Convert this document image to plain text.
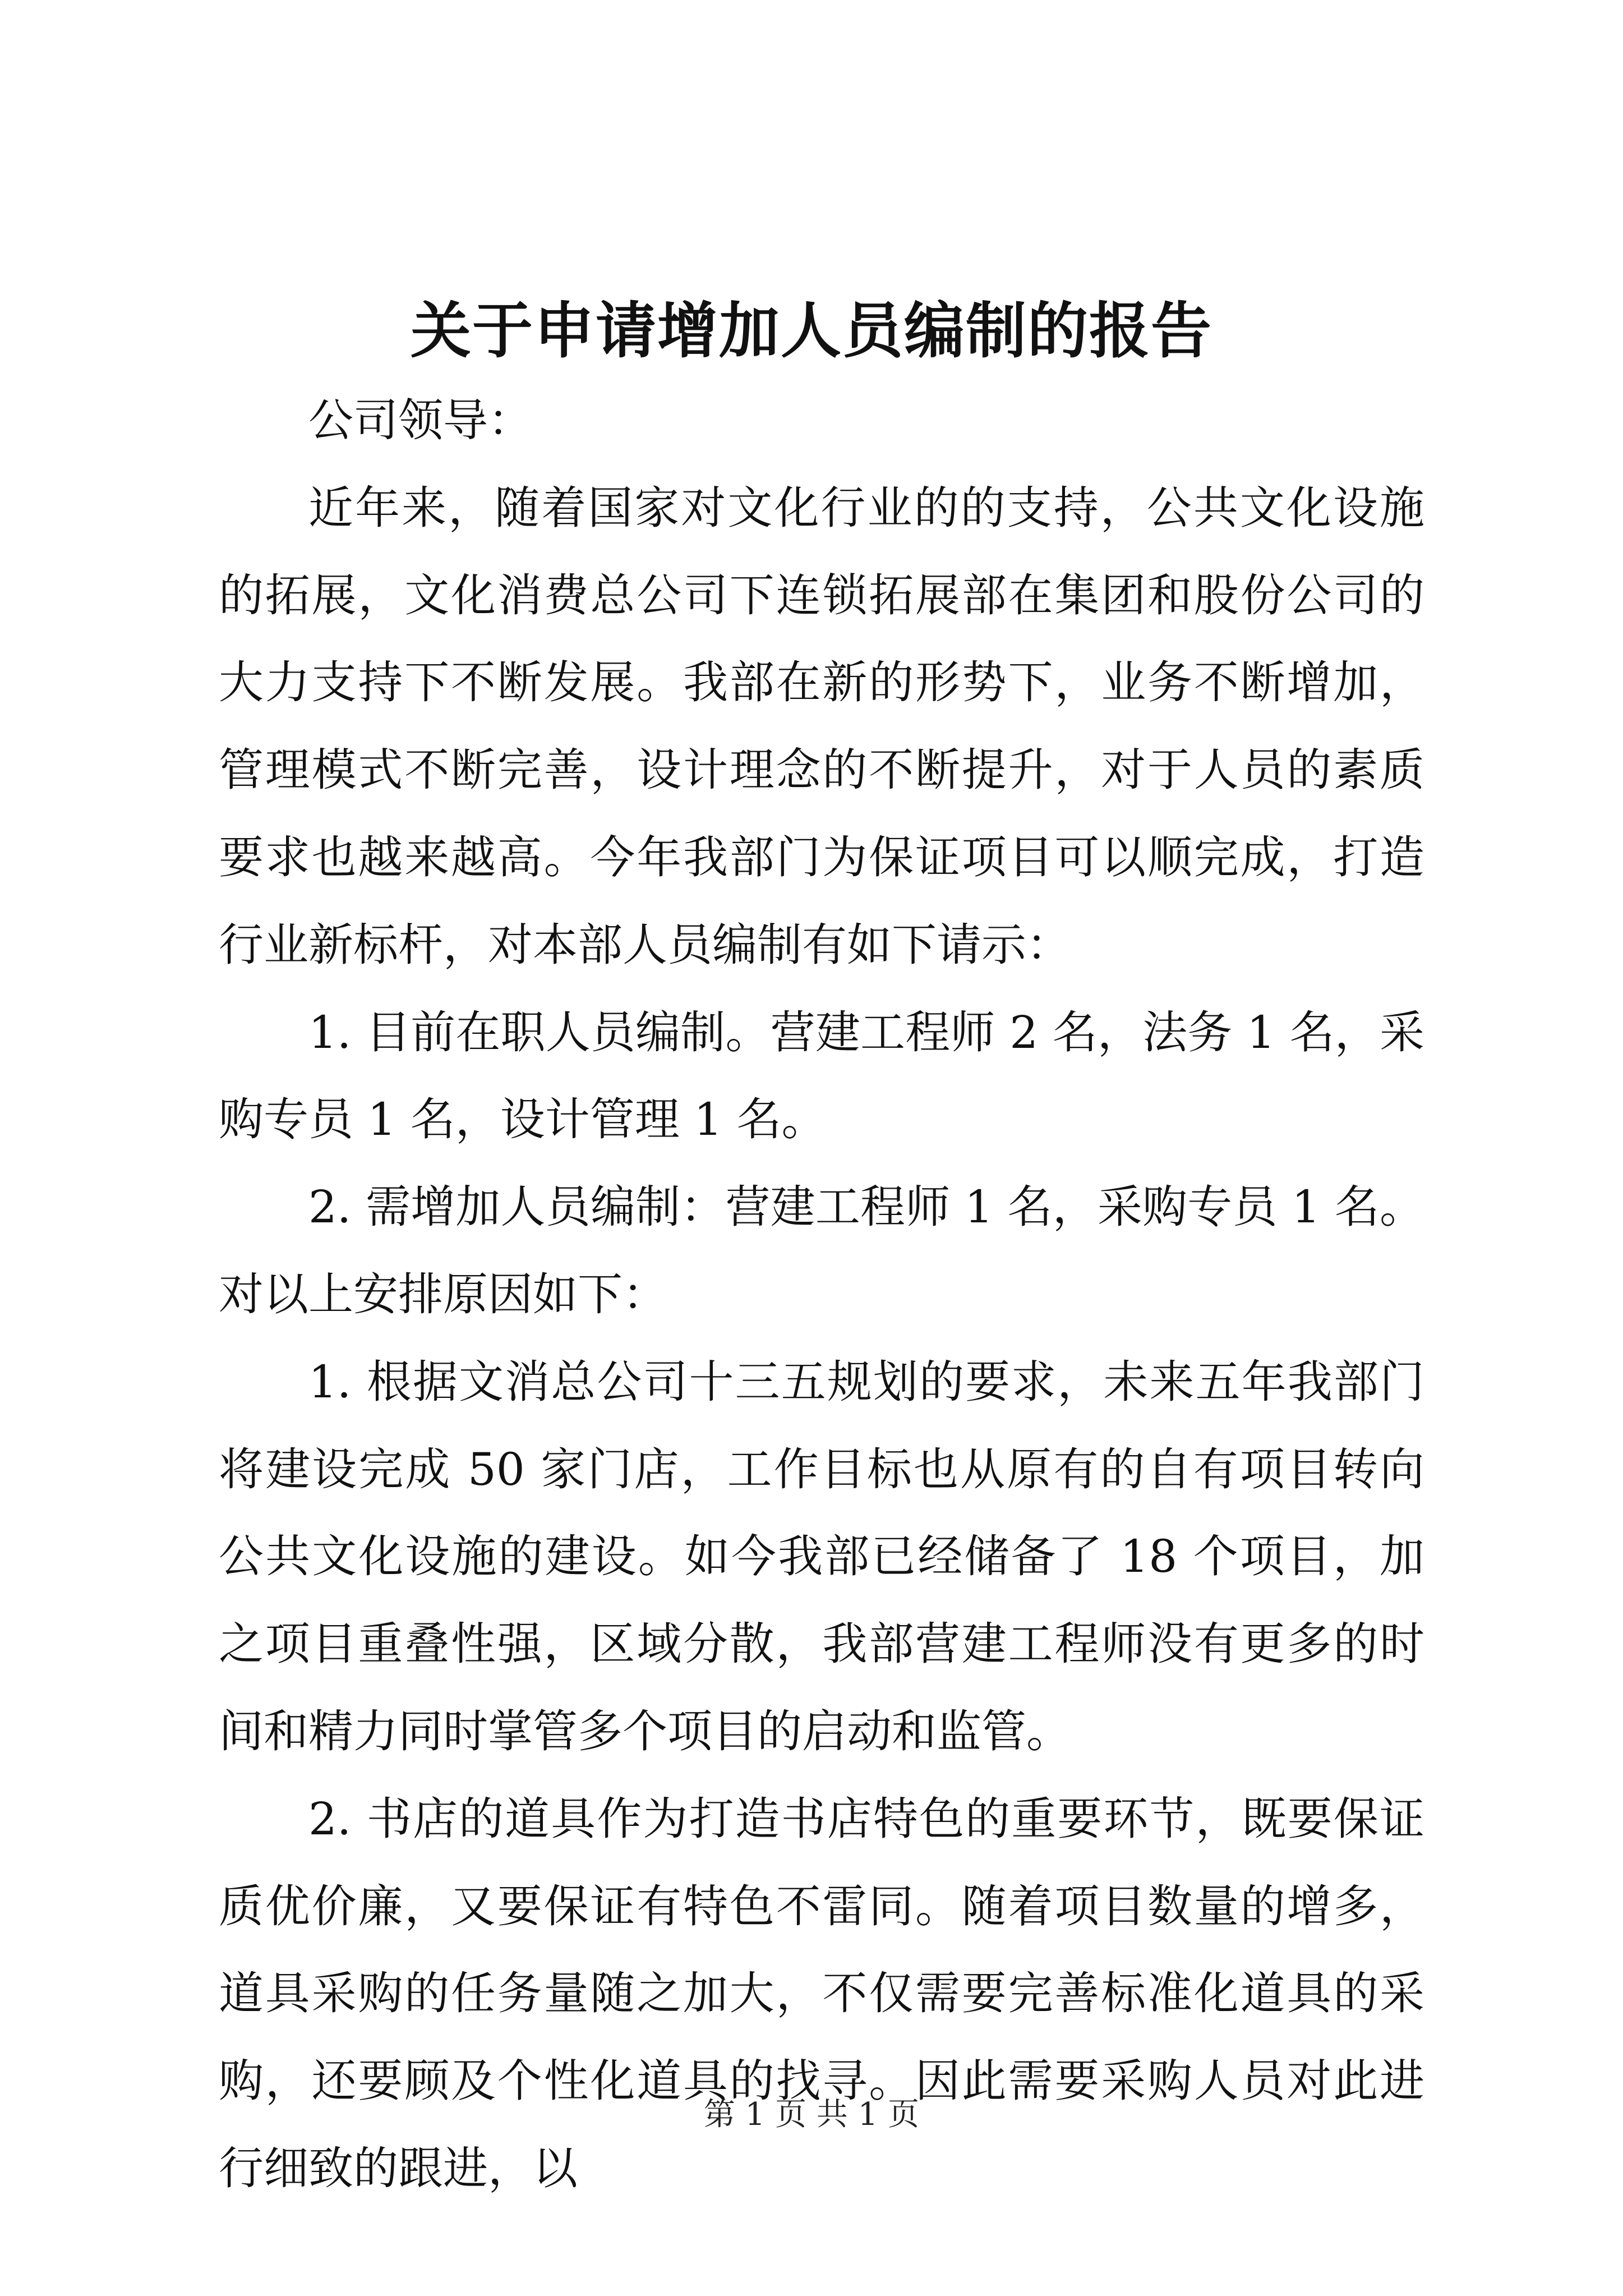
关于申请增加人员编制的报告

公司领导：

近年来，随着国家对文化行业的的支持，公共文化设施的拓展，文化消费总公司下连锁拓展部在集团和股份公司的大力支持下不断发展。我部在新的形势下，业务不断增加，管理模式不断完善，设计理念的不断提升，对于人员的素质要求也越来越高。今年我部门为保证项目可以顺完成，打造行业新标杆，对本部人员编制有如下请示：

1. 目前在职人员编制。营建工程师 2 名，法务 1 名，采购专员 1 名，设计管理 1 名。

2. 需增加人员编制：营建工程师 1 名，采购专员 1 名。对以上安排原因如下：

1. 根据文消总公司十三五规划的要求，未来五年我部门将建设完成 50 家门店，工作目标也从原有的自有项目转向公共文化设施的建设。如今我部已经储备了 18 个项目，加之项目重叠性强，区域分散，我部营建工程师没有更多的时间和精力同时掌管多个项目的启动和监管。

2. 书店的道具作为打造书店特色的重要环节，既要保证质优价廉，又要保证有特色不雷同。随着项目数量的增多，道具采购的任务量随之加大，不仅需要完善标准化道具的采购，还要顾及个性化道具的找寻。因此需要采购人员对此进行细致的跟进，以

第 1 页 共 1 页
